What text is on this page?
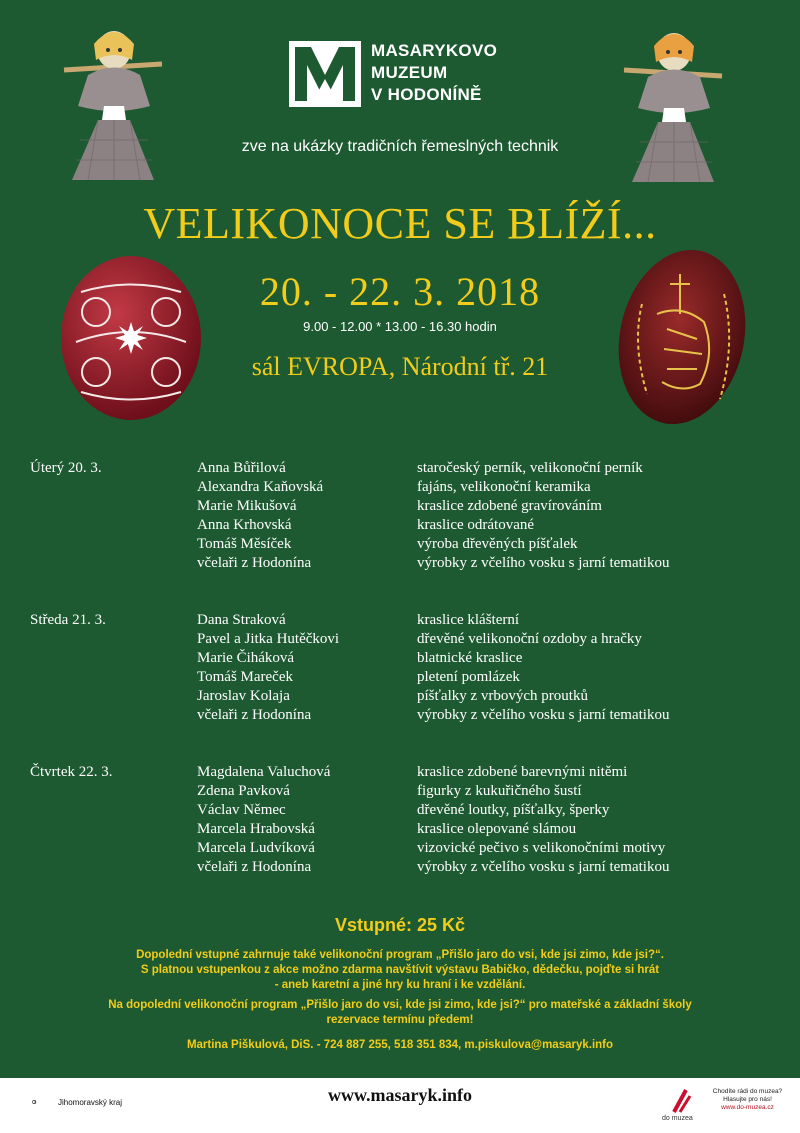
MASARYKOVO
MUZEUM
V HODONÍNĚ
zve na ukázky tradičních řemeslných technik
VELIKONOCE SE BLÍŽÍ...
20. - 22. 3. 2018
9.00 - 12.00 * 13.00 - 16.30 hodin
sál EVROPA, Národní tř. 21
Úterý 20. 3.	Anna Bůřilová	staročeský perník, velikonoční perník
Alexandra Kaňovská	fajáns, velikonoční keramika
Marie Mikušová	kraslice zdobené gravírováním
Anna Krhovská	kraslice odrátované
Tomáš Měsíček	výroba dřevěných píšťalek
včelaři z Hodonína	výrobky z včelího vosku s jarní tematikou
Středa 21. 3.	Dana Straková	kraslice klášterní
Pavel a Jitka Hutěčkovi	dřevěné velikonoční ozdoby a hračky
Marie Čiháková	blatnické kraslice
Tomáš Mareček	pletení pomlázek
Jaroslav Kolaja	píšťalky z vrbových proutků
včelaři z Hodonína	výrobky z včelího vosku s jarní tematikou
Čtvrtek 22. 3.	Magdalena Valuchová	kraslice zdobené barevnými nitěmi
Zdena Pavková	figurky z kukuřičného šustí
Václav Němec	dřevěné loutky, píšťalky, šperky
Marcela Hrabovská	kraslice olepované slámou
Marcela Ludvíková	vizovické pečivo s velikonočními motivy
včelaři z Hodonína	výrobky z včelího vosku s jarní tematikou
Vstupné: 25 Kč
Dopolední vstupné zahrnuje také velikonoční program „Přišlo jaro do vsi, kde jsi zimo, kde jsi?“.
S platnou vstupenkou z akce možno zdarma navštívit výstavu Babičko, dědečku, pojďte si hrát
- aneb karetní a jiné hry ku hraní i ke vzdělání.
Na dopolední velikonoční program „Přišlo jaro do vsi, kde jsi zimo, kde jsi?“ pro mateřské a základní školy
rezervace termínu předem!
Martina Piškulová, DiS. - 724 887 255, 518 351 834, m.piskulova@masaryk.info
Jihomoravský kraj	www.masaryk.info
do muzea
Chodíte rádi do muzea?
Hlasujte pro nás!
www.do-muzea.cz
